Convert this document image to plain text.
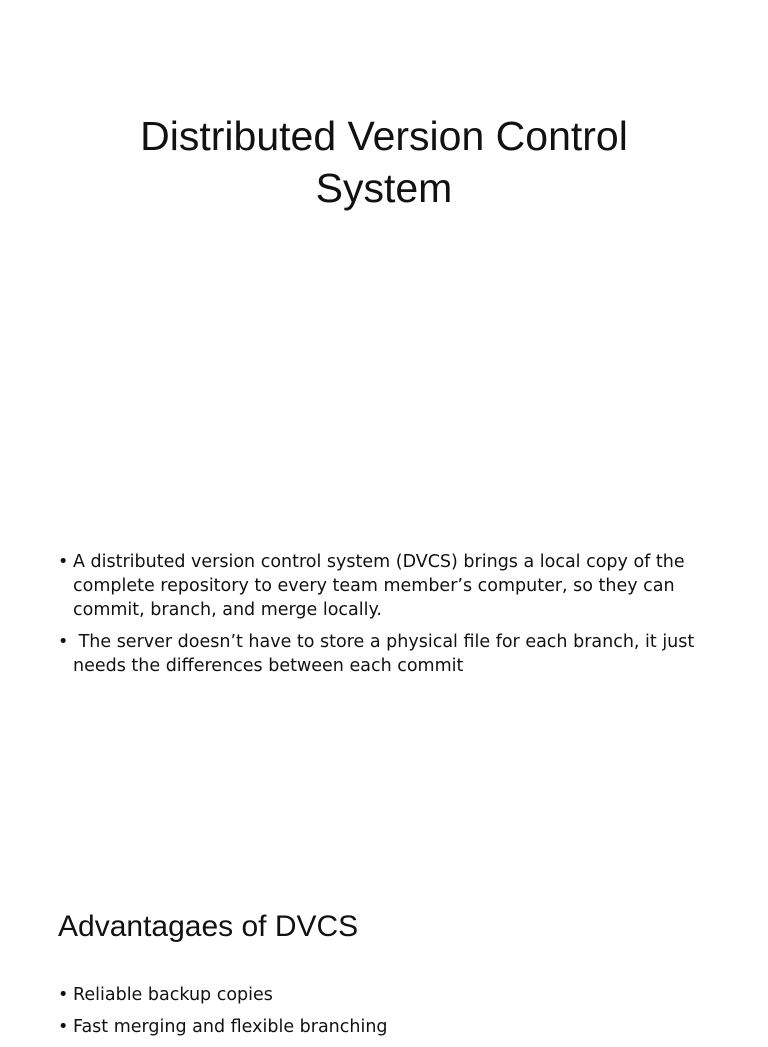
Distributed Version Control
System
• A distributed version control system (DVCS) brings a local copy of the complete repository to every team member’s computer, so they can commit, branch, and merge locally.
• The server doesn’t have to store a physical file for each branch, it just needs the differences between each commit
Advantagaes of DVCS
• Reliable backup copies
• Fast merging and flexible branching
